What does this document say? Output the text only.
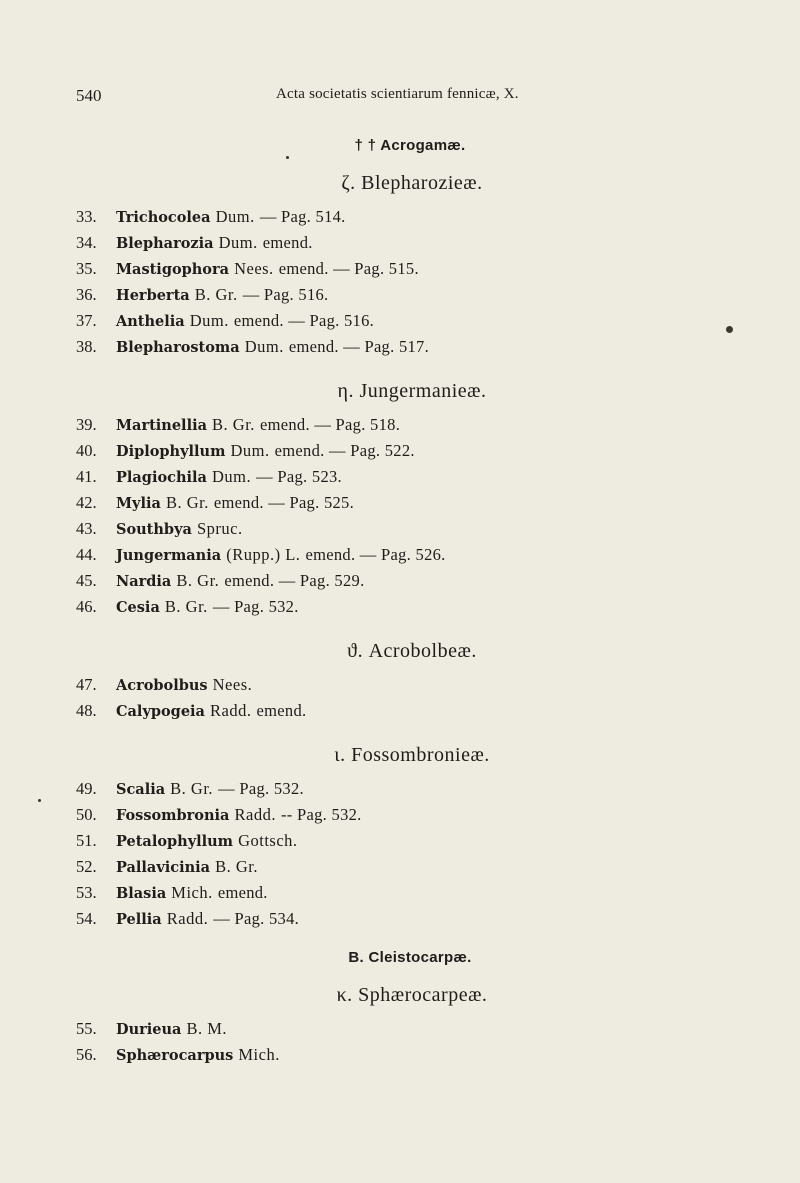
540	Acta societatis scientiarum fennicæ, X.
† † Acrogamæ.
ζ. Blepharozieæ.
33.	Trichocolea Dum. — Pag. 514.
34.	Blepharozia Dum. emend.
35.	Mastigophora Nees. emend. — Pag. 515.
36.	Herberta B. Gr. — Pag. 516.
37.	Anthelia Dum. emend. — Pag. 516.
38.	Blepharostoma Dum. emend. — Pag. 517.
η. Jungermanieæ.
39.	Martinellia B. Gr. emend. — Pag. 518.
40.	Diplophyllum Dum. emend. — Pag. 522.
41.	Plagiochila Dum. — Pag. 523.
42.	Mylia B. Gr. emend. — Pag. 525.
43.	Southbya Spruc.
44.	Jungermania (Rupp.) L. emend. — Pag. 526.
45.	Nardia B. Gr. emend. — Pag. 529.
46.	Cesia B. Gr. — Pag. 532.
ϑ. Acrobolbeæ.
47.	Acrobolbus Nees.
48.	Calypogeia Radd. emend.
ι. Fossombronieæ.
49.	Scalia B. Gr. — Pag. 532.
50.	Fossombronia Radd. -- Pag. 532.
51.	Petalophyllum Gottsch.
52.	Pallavicinia B. Gr.
53.	Blasia Mich. emend.
54.	Pellia Radd. — Pag. 534.
B. Cleistocarpæ.
κ. Sphærocarpeæ.
55.	Durieua B. M.
56.	Sphærocarpus Mich.
